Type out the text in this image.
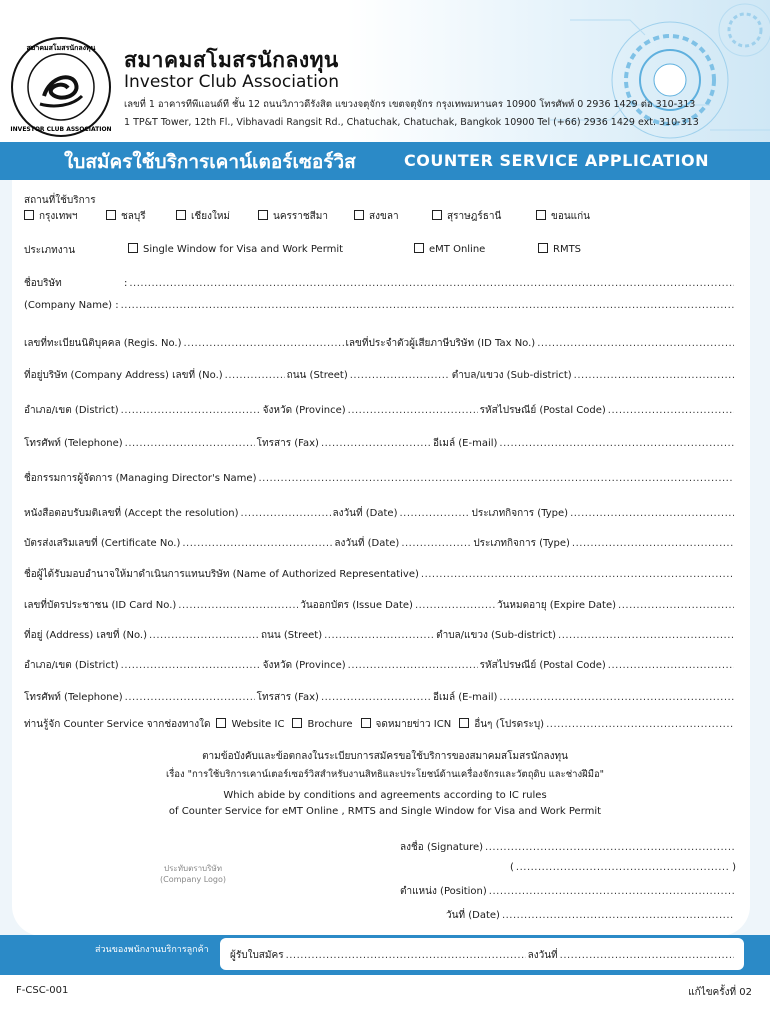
สมาคมสโมสรนักลงทุน
INVESTOR CLUB ASSOCIATION
สมาคมสโมสรนักลงทุน
Investor Club Association
เลขที่ 1 อาคารทีพีแอนด์ที ชั้น 12 ถนนวิภาวดีรังสิต แขวงจตุจักร เขตจตุจักร กรุงเทพมหานคร 10900 โทรศัพท์ 0 2936 1429 ต่อ 310-313
1 TP&T Tower, 12th Fl., Vibhavadi Rangsit Rd., Chatuchak, Chatuchak, Bangkok 10900 Tel (+66) 2936 1429 ext. 310-313
ใบสมัครใช้บริการเคาน์เตอร์เซอร์วิส	COUNTER SERVICE APPLICATION
สถานที่ใช้บริการ
กรุงเทพฯ	ชลบุรี	เชียงใหม่	นครราชสีมา	สงขลา	สุราษฎร์ธานี	ขอนแก่น
ประเภทงาน	Single Window for Visa and Work Permit	eMT Online	RMTS
ชื่อบริษัท	:
.....
(Company Name) :
.....
เลขที่ทะเบียนนิติบุคคล (Regis. No.) .....	เลขที่ประจำตัวผู้เสียภาษีบริษัท (ID Tax No.)
.....
ที่อยู่บริษัท (Company Address) เลขที่ (No.) .....	ถนน (Street) .....	ตำบล/แขวง (Sub-district)
.....
อำเภอ/เขต (District) .....	จังหวัด (Province) .....	รหัสไปรษณีย์ (Postal Code)
.....
โทรศัพท์ (Telephone) .....	โทรสาร (Fax) .....	อีเมล์ (E-mail)
.....
ชื่อกรรมการผู้จัดการ (Managing Director's Name)
.....
หนังสือตอบรับมติเลขที่ (Accept the resolution) .....	ลงวันที่ (Date) .....	ประเภทกิจการ (Type)
.....
บัตรส่งเสริมเลขที่ (Certificate No.) .....	ลงวันที่ (Date) .....	ประเภทกิจการ (Type)
.....
ชื่อผู้ได้รับมอบอำนาจให้มาดำเนินการแทนบริษัท (Name of Authorized Representative)
.....
เลขที่บัตรประชาชน (ID Card No.) .....	วันออกบัตร (Issue Date) .....	วันหมดอายุ (Expire Date)
.....
ที่อยู่ (Address) เลขที่ (No.) .....	ถนน (Street) .....	ตำบล/แขวง (Sub-district)
.....
อำเภอ/เขต (District) .....	จังหวัด (Province) .....	รหัสไปรษณีย์ (Postal Code)
.....
โทรศัพท์ (Telephone) .....	โทรสาร (Fax) .....	อีเมล์ (E-mail)
.....
ท่านรู้จัก Counter Service จากช่องทางใด	Website IC	Brochure	จดหมายข่าว ICN	อื่นๆ (โปรดระบุ)
.....
ตามข้อบังคับและข้อตกลงในระเบียบการสมัครขอใช้บริการของสมาคมสโมสรนักลงทุน
เรื่อง "การใช้บริการเคาน์เตอร์เซอร์วิสสำหรับงานสิทธิและประโยชน์ด้านเครื่องจักรและวัตถุดิบ และช่างฝีมือ"
Which abide by conditions and agreements according to IC rules
of Counter Service for eMT Online , RMTS and Single Window for Visa and Work Permit
ลงชื่อ (Signature)
.....
( .....	)
ตำแหน่ง (Position)
.....
วันที่ (Date)
.....
ประทับตราบริษัท
(Company Logo)
ส่วนของพนักงานบริการลูกค้า ผู้รับใบสมัคร .....	ลงวันที่
.....
F-CSC-001	แก้ไขครั้งที่ 02
